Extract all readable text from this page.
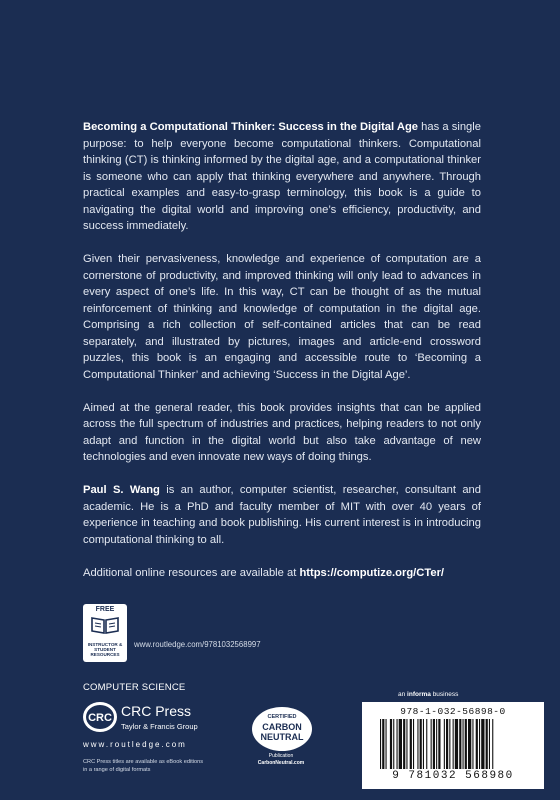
Becoming a Computational Thinker: Success in the Digital Age has a single purpose: to help everyone become computational thinkers. Computational thinking (CT) is thinking informed by the digital age, and a computational thinker is someone who can apply that thinking everywhere and anywhere. Through practical examples and easy-to-grasp terminology, this book is a guide to navigating the digital world and improving one’s efficiency, productivity, and success immediately.

Given their pervasiveness, knowledge and experience of computation are a cornerstone of productivity, and improved thinking will only lead to advances in every aspect of one’s life. In this way, CT can be thought of as the mutual reinforcement of thinking and knowledge of computation in the digital age. Comprising a rich collection of self-contained articles that can be read separately, and illustrated by pictures, images and article-end crossword puzzles, this book is an engaging and accessible route to ‘Becoming a Computational Thinker’ and achieving ‘Success in the Digital Age’.

Aimed at the general reader, this book provides insights that can be applied across the full spectrum of industries and practices, helping readers to not only adapt and function in the digital world but also take advantage of new technologies and even innovate new ways of doing things.

Paul S. Wang is an author, computer scientist, researcher, consultant and academic. He is a PhD and faculty member of MIT with over 40 years of experience in teaching and book publishing. His current interest is in introducing computational thinking to all.

Additional online resources are available at https://computize.org/CTer/

FREE
INSTRUCTOR & STUDENT RESOURCES
www.routledge.com/9781032568997
COMPUTER SCIENCE
CRC CRC Press
Taylor & Francis Group
www.routledge.com
CRC Press titles are available as eBook editions
in a range of digital formats
CERTIFIED
CARBON
NEUTRAL
Publication
CarbonNeutral.com
an informa business
978-1-032-56898-0
9 781032 568980
